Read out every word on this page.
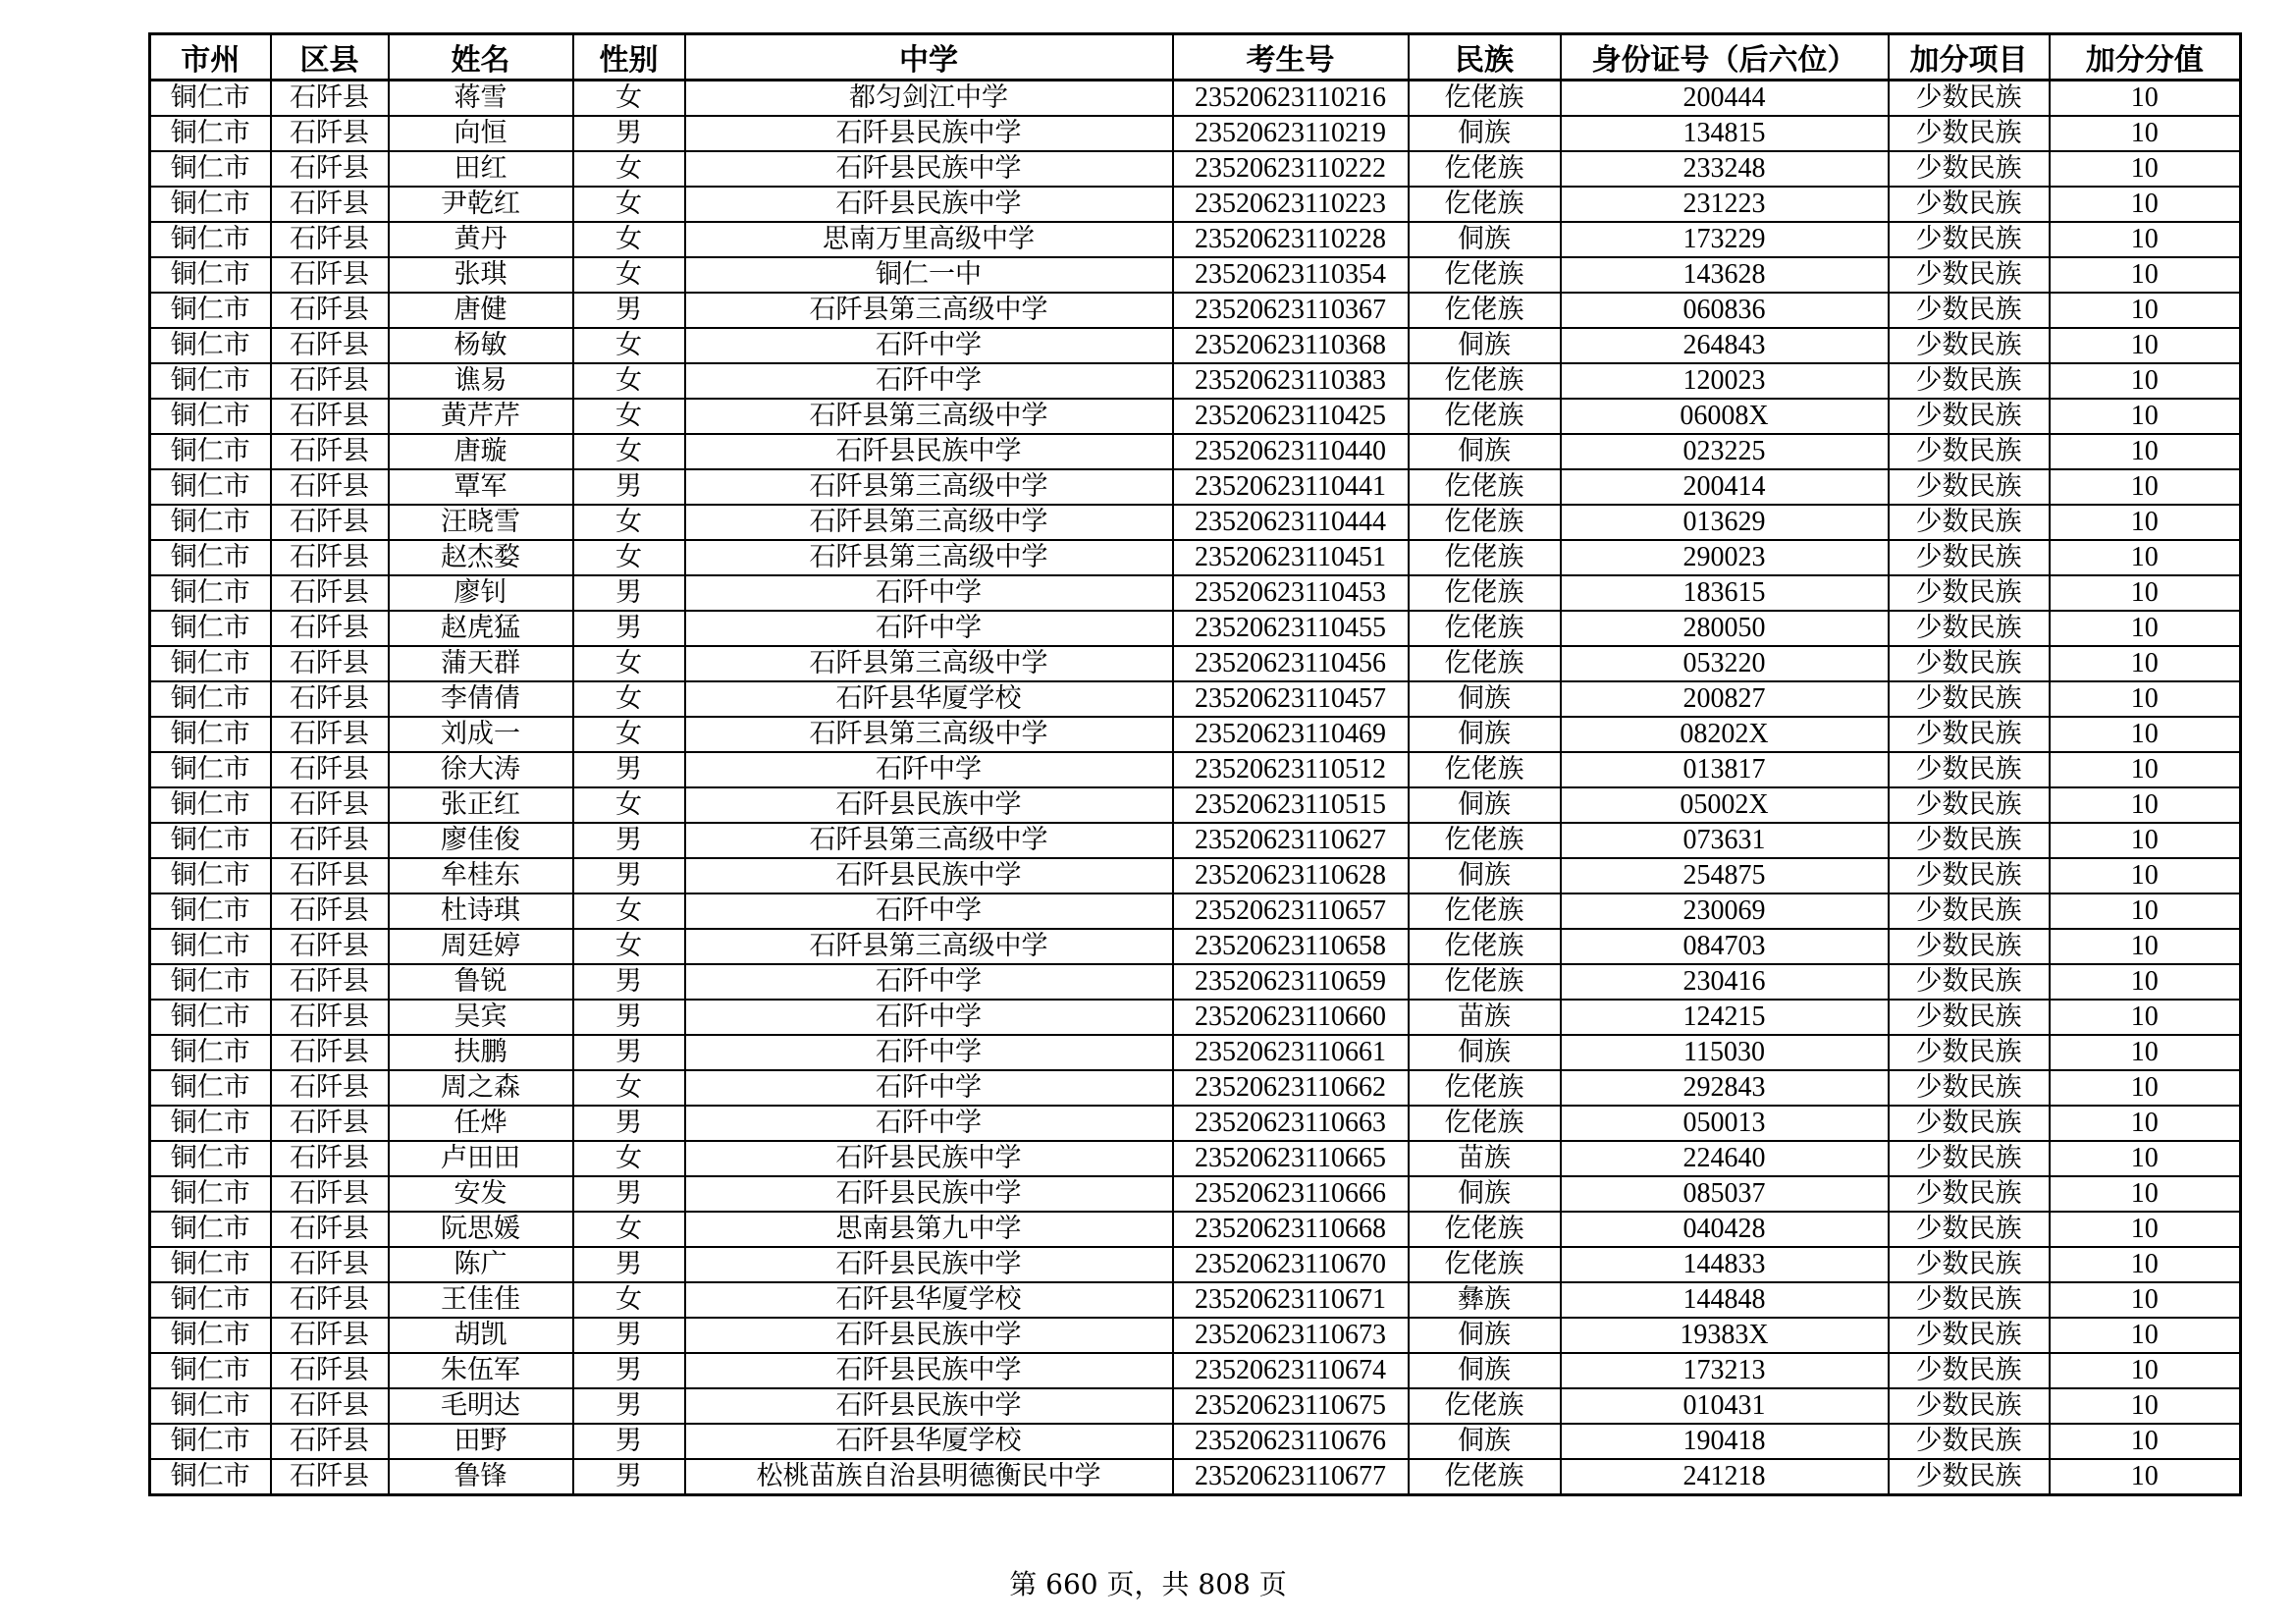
市州	区县	姓名	性别	中学	考生号	民族	身份证号（后六位）	加分项目	加分分值
铜仁市	石阡县	蒋雪	女	都匀剑江中学	23520623110216	仡佬族	200444	少数民族	10
铜仁市	石阡县	向恒	男	石阡县民族中学	23520623110219	侗族	134815	少数民族	10
铜仁市	石阡县	田红	女	石阡县民族中学	23520623110222	仡佬族	233248	少数民族	10
铜仁市	石阡县	尹乾红	女	石阡县民族中学	23520623110223	仡佬族	231223	少数民族	10
铜仁市	石阡县	黄丹	女	思南万里高级中学	23520623110228	侗族	173229	少数民族	10
铜仁市	石阡县	张琪	女	铜仁一中	23520623110354	仡佬族	143628	少数民族	10
铜仁市	石阡县	唐健	男	石阡县第三高级中学	23520623110367	仡佬族	060836	少数民族	10
铜仁市	石阡县	杨敏	女	石阡中学	23520623110368	侗族	264843	少数民族	10
铜仁市	石阡县	谯易	女	石阡中学	23520623110383	仡佬族	120023	少数民族	10
铜仁市	石阡县	黄芹芹	女	石阡县第三高级中学	23520623110425	仡佬族	06008X	少数民族	10
铜仁市	石阡县	唐璇	女	石阡县民族中学	23520623110440	侗族	023225	少数民族	10
铜仁市	石阡县	覃军	男	石阡县第三高级中学	23520623110441	仡佬族	200414	少数民族	10
铜仁市	石阡县	汪晓雪	女	石阡县第三高级中学	23520623110444	仡佬族	013629	少数民族	10
铜仁市	石阡县	赵杰婺	女	石阡县第三高级中学	23520623110451	仡佬族	290023	少数民族	10
铜仁市	石阡县	廖钊	男	石阡中学	23520623110453	仡佬族	183615	少数民族	10
铜仁市	石阡县	赵虎猛	男	石阡中学	23520623110455	仡佬族	280050	少数民族	10
铜仁市	石阡县	蒲天群	女	石阡县第三高级中学	23520623110456	仡佬族	053220	少数民族	10
铜仁市	石阡县	李倩倩	女	石阡县华厦学校	23520623110457	侗族	200827	少数民族	10
铜仁市	石阡县	刘成一	女	石阡县第三高级中学	23520623110469	侗族	08202X	少数民族	10
铜仁市	石阡县	徐大涛	男	石阡中学	23520623110512	仡佬族	013817	少数民族	10
铜仁市	石阡县	张正红	女	石阡县民族中学	23520623110515	侗族	05002X	少数民族	10
铜仁市	石阡县	廖佳俊	男	石阡县第三高级中学	23520623110627	仡佬族	073631	少数民族	10
铜仁市	石阡县	牟桂东	男	石阡县民族中学	23520623110628	侗族	254875	少数民族	10
铜仁市	石阡县	杜诗琪	女	石阡中学	23520623110657	仡佬族	230069	少数民族	10
铜仁市	石阡县	周廷婷	女	石阡县第三高级中学	23520623110658	仡佬族	084703	少数民族	10
铜仁市	石阡县	鲁锐	男	石阡中学	23520623110659	仡佬族	230416	少数民族	10
铜仁市	石阡县	吴宾	男	石阡中学	23520623110660	苗族	124215	少数民族	10
铜仁市	石阡县	扶鹏	男	石阡中学	23520623110661	侗族	115030	少数民族	10
铜仁市	石阡县	周之森	女	石阡中学	23520623110662	仡佬族	292843	少数民族	10
铜仁市	石阡县	任烨	男	石阡中学	23520623110663	仡佬族	050013	少数民族	10
铜仁市	石阡县	卢田田	女	石阡县民族中学	23520623110665	苗族	224640	少数民族	10
铜仁市	石阡县	安发	男	石阡县民族中学	23520623110666	侗族	085037	少数民族	10
铜仁市	石阡县	阮思媛	女	思南县第九中学	23520623110668	仡佬族	040428	少数民族	10
铜仁市	石阡县	陈广	男	石阡县民族中学	23520623110670	仡佬族	144833	少数民族	10
铜仁市	石阡县	王佳佳	女	石阡县华厦学校	23520623110671	彝族	144848	少数民族	10
铜仁市	石阡县	胡凯	男	石阡县民族中学	23520623110673	侗族	19383X	少数民族	10
铜仁市	石阡县	朱伍军	男	石阡县民族中学	23520623110674	侗族	173213	少数民族	10
铜仁市	石阡县	毛明达	男	石阡县民族中学	23520623110675	仡佬族	010431	少数民族	10
铜仁市	石阡县	田野	男	石阡县华厦学校	23520623110676	侗族	190418	少数民族	10
铜仁市	石阡县	鲁锋	男	松桃苗族自治县明德衡民中学	23520623110677	仡佬族	241218	少数民族	10
第 660 页，共 808 页
